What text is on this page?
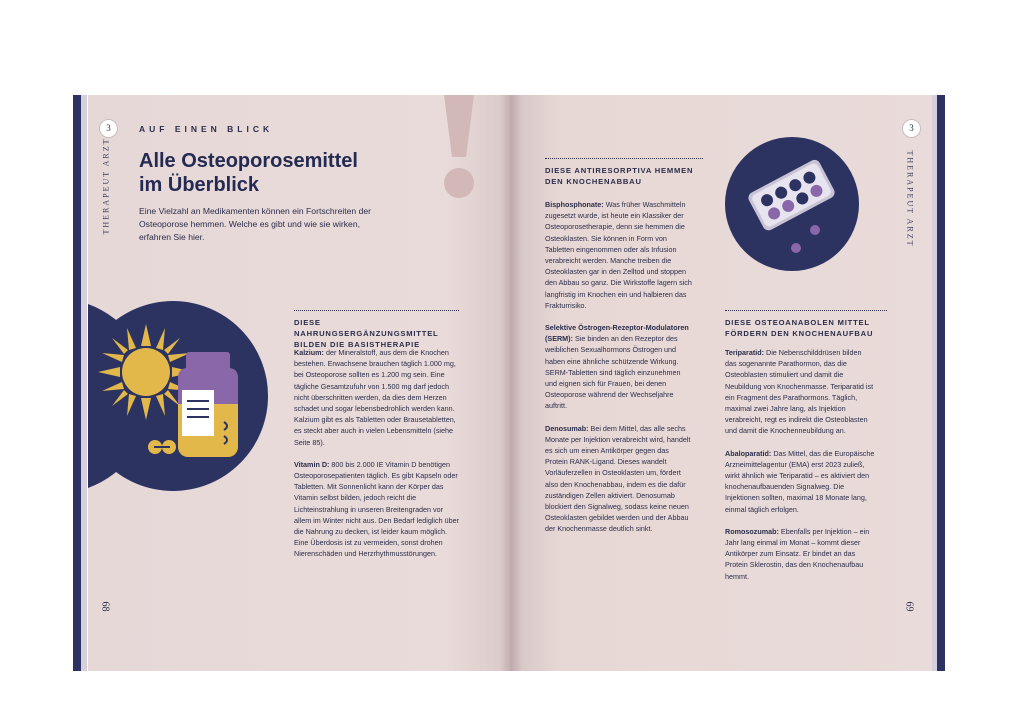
3
THERAPEUT ARZT
AUF EINEN BLICK
Alle Osteoporosemittel
im Überblick
Eine Vielzahl an Medikamenten können ein Fortschreiten der Osteoporose hemmen. Welche es gibt und wie sie wirken, erfahren Sie hier.
DIESE NAHRUNGSERGÄNZUNGSMITTEL
BILDEN DIE BASISTHERAPIE

Kalzium: der Mineralstoff, aus dem die Knochen bestehen. Erwachsene brauchen täglich 1.000 mg, bei Osteoporose sollten es 1.200 mg sein. Eine tägliche Gesamtzufuhr von 1.500 mg darf jedoch nicht überschritten werden, da dies dem Herzen schadet und sogar lebensbedrohlich werden kann. Kalzium gibt es als Tabletten oder Brausetabletten, es steckt aber auch in vielen Lebensmitteln (siehe Seite 85).

Vitamin D: 800 bis 2.000 IE Vitamin D benötigen Osteoporosepatienten täglich. Es gibt Kapseln oder Tabletten. Mit Sonnenlicht kann der Körper das Vitamin selbst bilden, jedoch reicht die Lichteinstrahlung in unseren Breitengraden vor allem im Winter nicht aus. Den Bedarf lediglich über die Nahrung zu decken, ist leider kaum möglich. Eine Überdosis ist zu vermeiden, sonst drohen Nierenschäden und Herzrhythmusstörungen.

68
DIESE ANTIRESORPTIVA HEMMEN
DEN KNOCHENABBAU

Bisphosphonate: Was früher Waschmitteln zugesetzt wurde, ist heute ein Klassiker der Osteoporosetherapie, denn sie hemmen die Osteoklasten. Sie können in Form von Tabletten eingenommen oder als Infusion verabreicht werden. Manche treiben die Osteoklasten gar in den Zelltod und stoppen den Abbau so ganz. Die Wirkstoffe lagern sich langfristig im Knochen ein und halbieren das Frakturrisiko.

Selektive Östrogen-Rezeptor-Modulatoren (SERM): Sie binden an den Rezeptor des weiblichen Sexualhormons Östrogen und haben eine ähnliche schützende Wirkung. SERM-Tabletten sind täglich einzunehmen und eignen sich für Frauen, bei denen Osteoporose während der Wechseljahre auftritt.

Denosumab: Bei dem Mittel, das alle sechs Monate per Injektion verabreicht wird, handelt es sich um einen Antikörper gegen das Protein RANK-Ligand. Dieses wandelt Vorläuferzellen in Osteoklasten um, fördert also den Knochenabbau, indem es die dafür zuständigen Zellen aktiviert. Denosumab blockiert den Signalweg, sodass keine neuen Osteoklasten gebildet werden und der Abbau der Knochenmasse deutlich sinkt.

3
THERAPEUT ARZT
DIESE OSTEOANABOLEN MITTEL
FÖRDERN DEN KNOCHENAUFBAU

Teriparatid: Die Nebenschilddrüsen bilden das sogenannte Parathormon, das die Osteoblasten stimuliert und damit die Neubildung von Knochenmasse. Teriparatid ist ein Fragment des Parathormons. Täglich, maximal zwei Jahre lang, als Injektion verabreicht, regt es indirekt die Osteoblasten und damit die Knochenneubildung an.

Abaloparatid: Das Mittel, das die Europäische Arzneimittelagentur (EMA) erst 2023 zuließ, wirkt ähnlich wie Teriparatid – es aktiviert den knochenaufbauenden Signalweg. Die Injektionen sollten, maximal 18 Monate lang, einmal täglich erfolgen.

Romosozumab: Ebenfalls per Injektion – ein Jahr lang einmal im Monat – kommt dieser Antikörper zum Einsatz. Er bindet an das Protein Sklerostin, das den Knochenaufbau hemmt.

69
